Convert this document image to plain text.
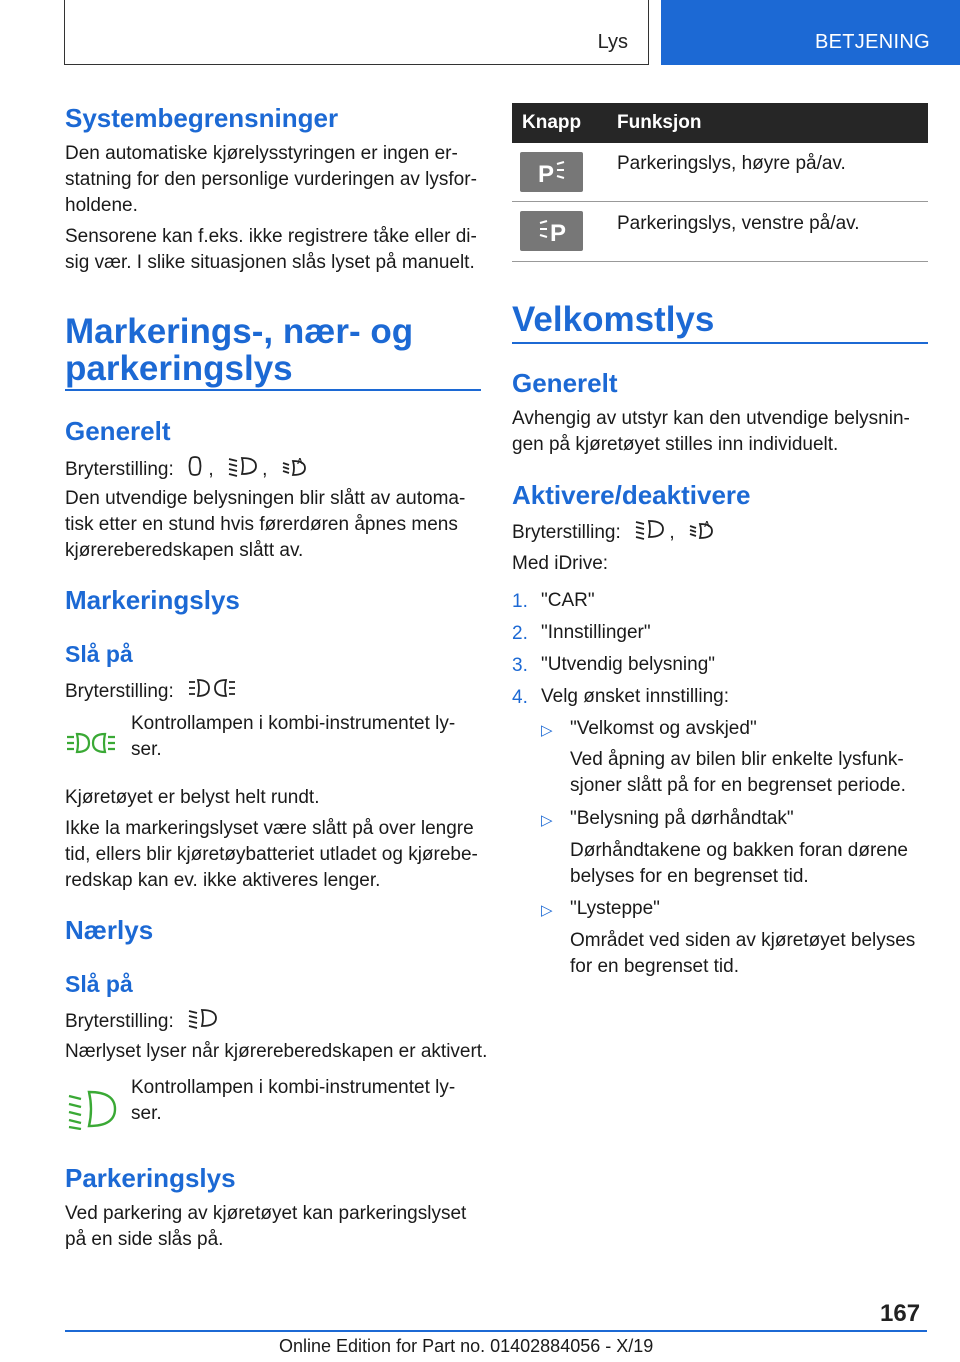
Lys	BETJENING
Systembegrensninger
Den automatiske kjørelysstyringen er ingen er-
statning for den personlige vurderingen av lysfor-
holdene.
Sensorene kan f.eks. ikke registrere tåke eller di-
sig vær. I slike situasjonen slås lyset på manuelt.
Markerings-, nær- og
parkeringslys
Generelt
Bryterstilling: ,	,	A
Den utvendige belysningen blir slått av automa-
tisk etter en stund hvis førerdøren åpnes mens
kjørereberedskapen slått av.
Markeringslys
Slå på
Bryterstilling:
Kontrollampen i kombi-instrumentet ly-
ser.
Kjøretøyet er belyst helt rundt.
Ikke la markeringslyset være slått på over lengre
tid, ellers blir kjøretøybatteriet utladet og kjørebe-
redskap kan ev. ikke aktiveres lenger.
Nærlys
Slå på
Bryterstilling:
Nærlyset lyser når kjørereberedskapen er aktivert.
Kontrollampen i kombi-instrumentet ly-
ser.
Parkeringslys
Ved parkering av kjøretøyet kan parkeringslyset
på en side slås på.
Knapp Funksjon
P	Parkeringslys, høyre på/av.
P	Parkeringslys, venstre på/av.
Velkomstlys
Generelt
Avhengig av utstyr kan den utvendige belysnin-
gen på kjøretøyet stilles inn individuelt.
Aktivere/deaktivere
Bryterstilling:	,	A
Med iDrive:
1. "CAR"
2. "Innstillinger"
3. "Utvendig belysning"
4. Velg ønsket innstilling:
▷ "Velkomst og avskjed"
Ved åpning av bilen blir enkelte lysfunk-
sjoner slått på for en begrenset periode.
▷ "Belysning på dørhåndtak"
Dørhåndtakene og bakken foran dørene
belyses for en begrenset tid.
▷ "Lysteppe"
Området ved siden av kjøretøyet belyses
for en begrenset tid.
167
Online Edition for Part no. 01402884056 - X/19
